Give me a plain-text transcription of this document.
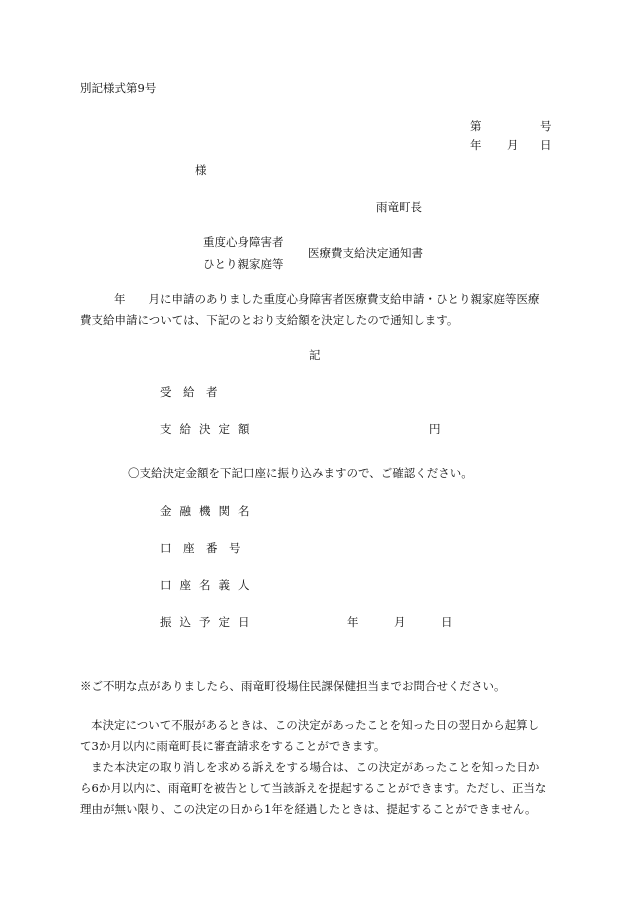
別記様式第9号
第	号
年 月 日
様
雨竜町長
重度心身障害者
ひとり親家庭等
医療費支給決定通知書
年　　月に申請のありました重度心身障害者医療費支給申請・ひとり親家庭等医療
費支給申請については、下記のとおり支給額を決定したので通知します。
記
受　給　者
支給決定額	円
〇支給決定金額を下記口座に振り込みますので、ご確認ください。
金融機関名
口　座　番　号
口座名義人
振込予定日	年	月	日
※ご不明な点がありましたら、雨竜町役場住民課保健担当までお問合せください。
本決定について不服があるときは、この決定があったことを知った日の翌日から起算し
て3か月以内に雨竜町長に審査請求をすることができます。
また本決定の取り消しを求める訴えをする場合は、この決定があったことを知った日か
ら6か月以内に、雨竜町を被告として当該訴えを提起することができます。ただし、正当な
理由が無い限り、この決定の日から1年を経過したときは、提起することができません。
